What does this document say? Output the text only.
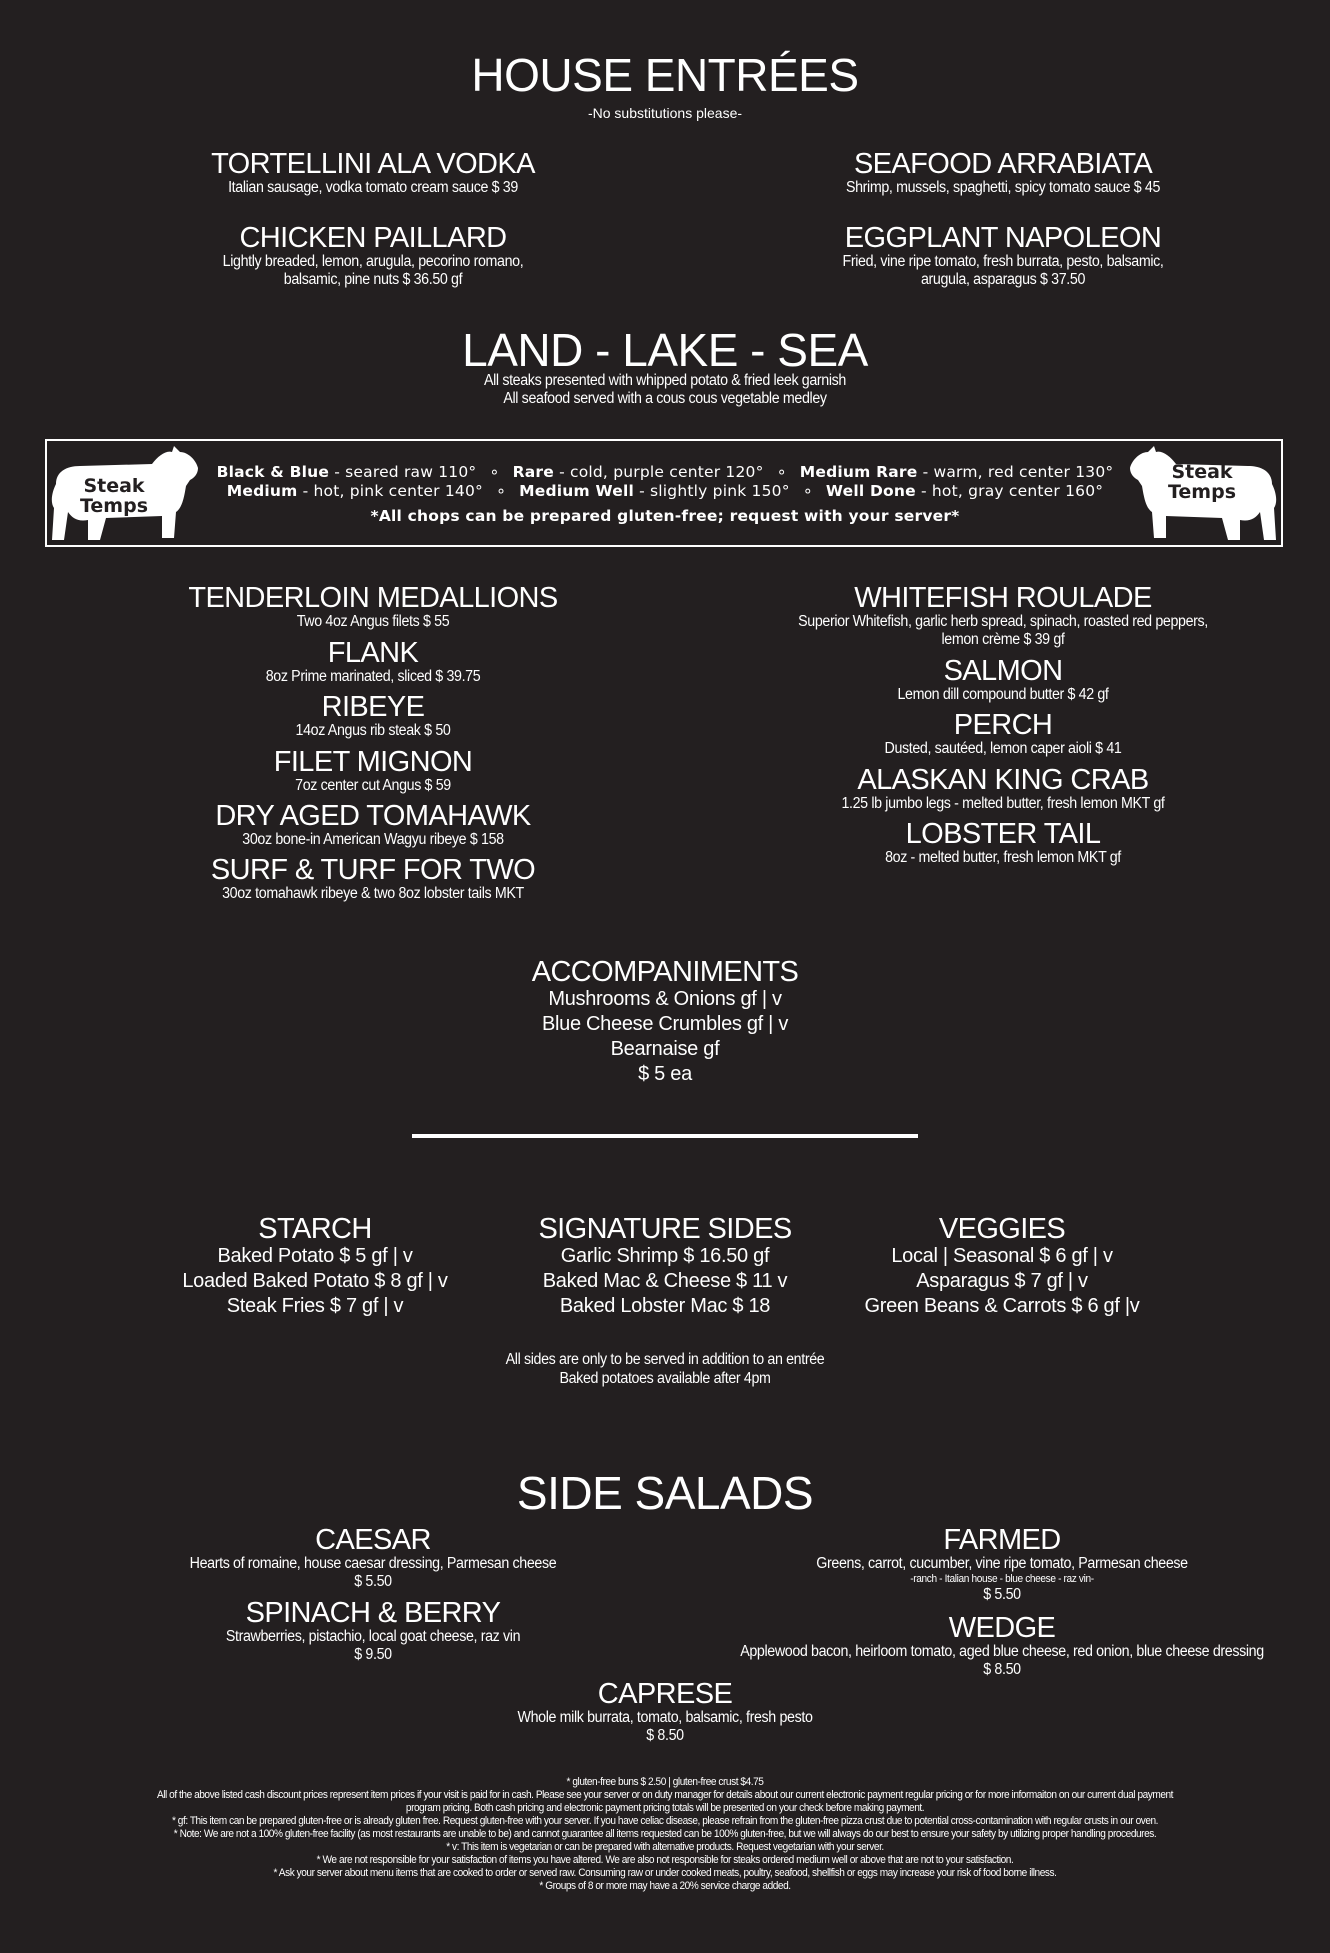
HOUSE ENTRÉES
-No substitutions please-
TORTELLINI ALA VODKA
Italian sausage, vodka tomato cream sauce $ 39
SEAFOOD ARRABIATA
Shrimp, mussels, spaghetti, spicy tomato sauce $ 45
CHICKEN PAILLARD
Lightly breaded, lemon, arugula, pecorino romano,
balsamic, pine nuts $ 36.50 gf
EGGPLANT NAPOLEON
Fried, vine ripe tomato, fresh burrata, pesto, balsamic,
arugula, asparagus $ 37.50
LAND - LAKE - SEA
All steaks presented with whipped potato & fried leek garnish
All seafood served with a cous cous vegetable medley
Steak
Temps
Steak
Temps
Black & Blue - seared raw 110° ∘ Rare - cold, purple center 120° ∘ Medium Rare - warm, red center 130°
Medium - hot, pink center 140° ∘ Medium Well - slightly pink 150° ∘ Well Done - hot, gray center 160°
*All chops can be prepared gluten-free; request with your server*
TENDERLOIN MEDALLIONS
Two 4oz Angus filets $ 55
FLANK
8oz Prime marinated, sliced $ 39.75
RIBEYE
14oz Angus rib steak $ 50
FILET MIGNON
7oz center cut Angus $ 59
DRY AGED TOMAHAWK
30oz bone-in American Wagyu ribeye $ 158
SURF & TURF FOR TWO
30oz tomahawk ribeye & two 8oz lobster tails MKT
WHITEFISH ROULADE
Superior Whitefish, garlic herb spread, spinach, roasted red peppers,
lemon crème $ 39 gf
SALMON
Lemon dill compound butter $ 42 gf
PERCH
Dusted, sautéed, lemon caper aioli $ 41
ALASKAN KING CRAB
1.25 lb jumbo legs - melted butter, fresh lemon MKT gf
LOBSTER TAIL
8oz - melted butter, fresh lemon MKT gf
ACCOMPANIMENTS
Mushrooms & Onions gf | v
Blue Cheese Crumbles gf | v
Bearnaise gf
$ 5 ea
STARCH
Baked Potato $ 5 gf | v
Loaded Baked Potato $ 8 gf | v
Steak Fries $ 7 gf | v
SIGNATURE SIDES
Garlic Shrimp $ 16.50 gf
Baked Mac & Cheese $ 11 v
Baked Lobster Mac $ 18
VEGGIES
Local | Seasonal $ 6 gf | v
Asparagus $ 7 gf | v
Green Beans & Carrots $ 6 gf |v
All sides are only to be served in addition to an entrée
Baked potatoes available after 4pm
SIDE SALADS
CAESAR
Hearts of romaine, house caesar dressing, Parmesan cheese
$ 5.50
SPINACH & BERRY
Strawberries, pistachio, local goat cheese, raz vin
$ 9.50
FARMED
Greens, carrot, cucumber, vine ripe tomato, Parmesan cheese
-ranch - Italian house - blue cheese - raz vin-
$ 5.50
WEDGE
Applewood bacon, heirloom tomato, aged blue cheese, red onion, blue cheese dressing
$ 8.50
CAPRESE
Whole milk burrata, tomato, balsamic, fresh pesto
$ 8.50
* gluten-free buns $ 2.50 | gluten-free crust $4.75
All of the above listed cash discount prices represent item prices if your visit is paid for in cash. Please see your server or on duty manager for details about our current electronic payment regular pricing or for more informaiton on our current dual payment
program pricing. Both cash pricing and electronic payment pricing totals will be presented on your check before making payment.
* gf: This item can be prepared gluten-free or is already gluten free. Request gluten-free with your server. If you have celiac disease, please refrain from the gluten-free pizza crust due to potential cross-contamination with regular crusts in our oven.
* Note: We are not a 100% gluten-free facility (as most restaurants are unable to be) and cannot guarantee all items requested can be 100% gluten-free, but we will always do our best to ensure your safety by utilizing proper handling procedures.
* v: This item is vegetarian or can be prepared with alternative products. Request vegetarian with your server.
* We are not responsible for your satisfaction of items you have altered. We are also not responsible for steaks ordered medium well or above that are not to your satisfaction.
* Ask your server about menu items that are cooked to order or served raw. Consuming raw or under cooked meats, poultry, seafood, shellfish or eggs may increase your risk of food borne illness.
* Groups of 8 or more may have a 20% service charge added.
